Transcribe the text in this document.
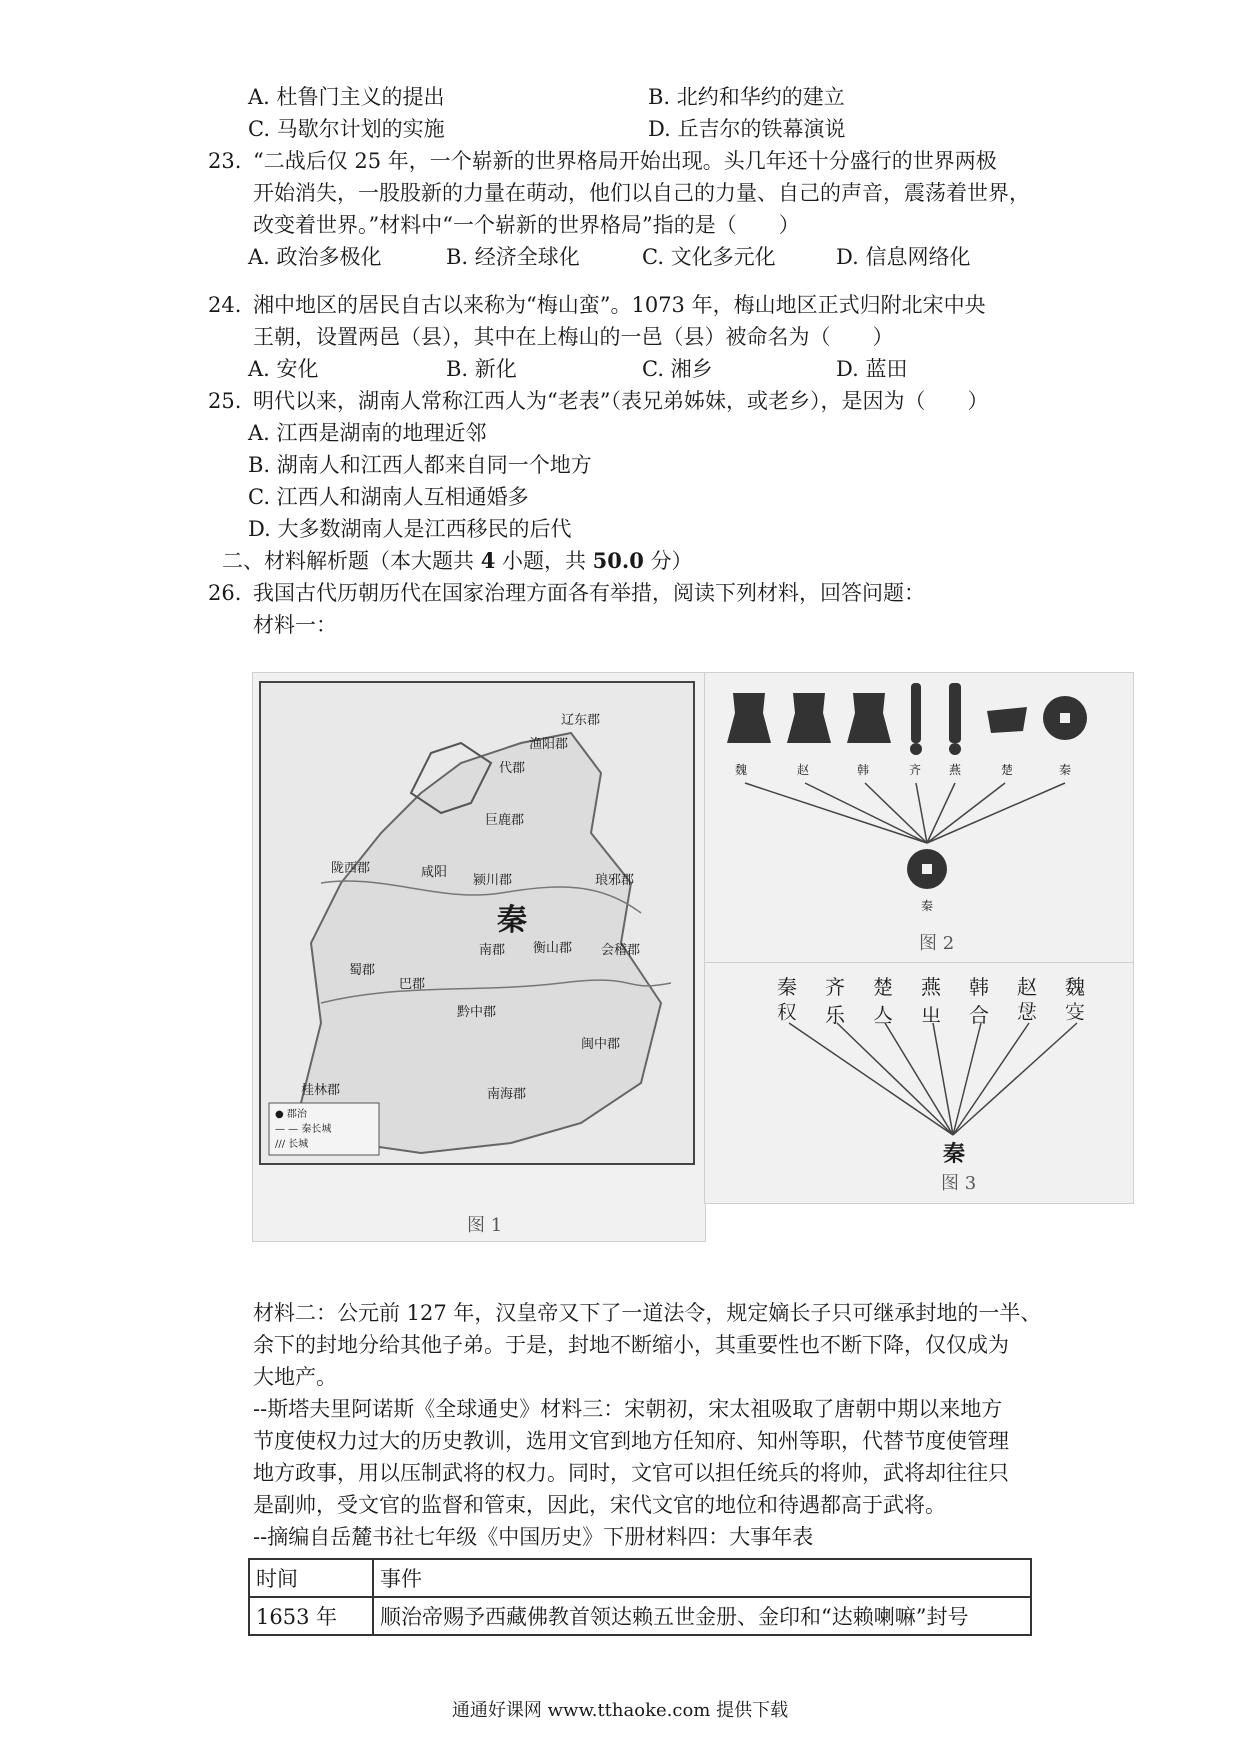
A. 杜鲁门主义的提出	B. 北约和华约的建立
C. 马歇尔计划的实施	D. 丘吉尔的铁幕演说
23. “二战后仅 25 年，一个崭新的世界格局开始出现。头几年还十分盛行的世界两极
开始消失，一股股新的力量在萌动，他们以自己的力量、自己的声音，震荡着世界，
改变着世界。”材料中“一个崭新的世界格局”指的是（　　）
A. 政治多极化	B. 经济全球化	C. 文化多元化	D. 信息网络化
24. 湘中地区的居民自古以来称为“梅山蛮”。1073 年，梅山地区正式归附北宋中央
王朝，设置两邑（县），其中在上梅山的一邑（县）被命名为（　　）
A. 安化	B. 新化	C. 湘乡	D. 蓝田
25. 明代以来，湖南人常称江西人为“老表”（表兄弟姊妹，或老乡），是因为（　　）
A. 江西是湖南的地理近邻
B. 湖南人和江西人都来自同一个地方
C. 江西人和湖南人互相通婚多
D. 大多数湖南人是江西移民的后代
二、材料解析题（本大题共 4 小题，共 50.0 分）
26. 我国古代历朝历代在国家治理方面各有举措，阅读下列材料，回答问题：
材料一：
秦
辽东郡
渔阳郡
代郡
巨鹿郡
陇西郡	咸阳
颍川郡	琅邪郡
会稽郡
蜀郡
巴郡
南郡 衡山郡
黔中郡
闽中郡
桂林郡	南海郡
● 郡治
— — 秦长城
∕∕∕ 长城
图 1
魏	赵	韩	齐 燕	楚	秦
秦
图 2
秦 齐 楚 燕 韩 赵 魏
𥝐 乐 亼 㞢 合 𢘓 𡧔
秦
图 3
材料二：公元前 127 年，汉皇帝又下了一道法令，规定嫡长子只可继承封地的一半、
余下的封地分给其他子弟。于是，封地不断缩小，其重要性也不断下降，仅仅成为
大地产。
--斯塔夫里阿诺斯《全球通史》材料三：宋朝初，宋太祖吸取了唐朝中期以来地方
节度使权力过大的历史教训，选用文官到地方任知府、知州等职，代替节度使管理
地方政事，用以压制武将的权力。同时，文官可以担任统兵的将帅，武将却往往只
是副帅，受文官的监督和管束，因此，宋代文官的地位和待遇都高于武将。
--摘编自岳麓书社七年级《中国历史》下册材料四：大事年表
时间	事件
1653 年	顺治帝赐予西藏佛教首领达赖五世金册、金印和“达赖喇嘛”封号
通通好课网 www.tthaoke.com 提供下载
